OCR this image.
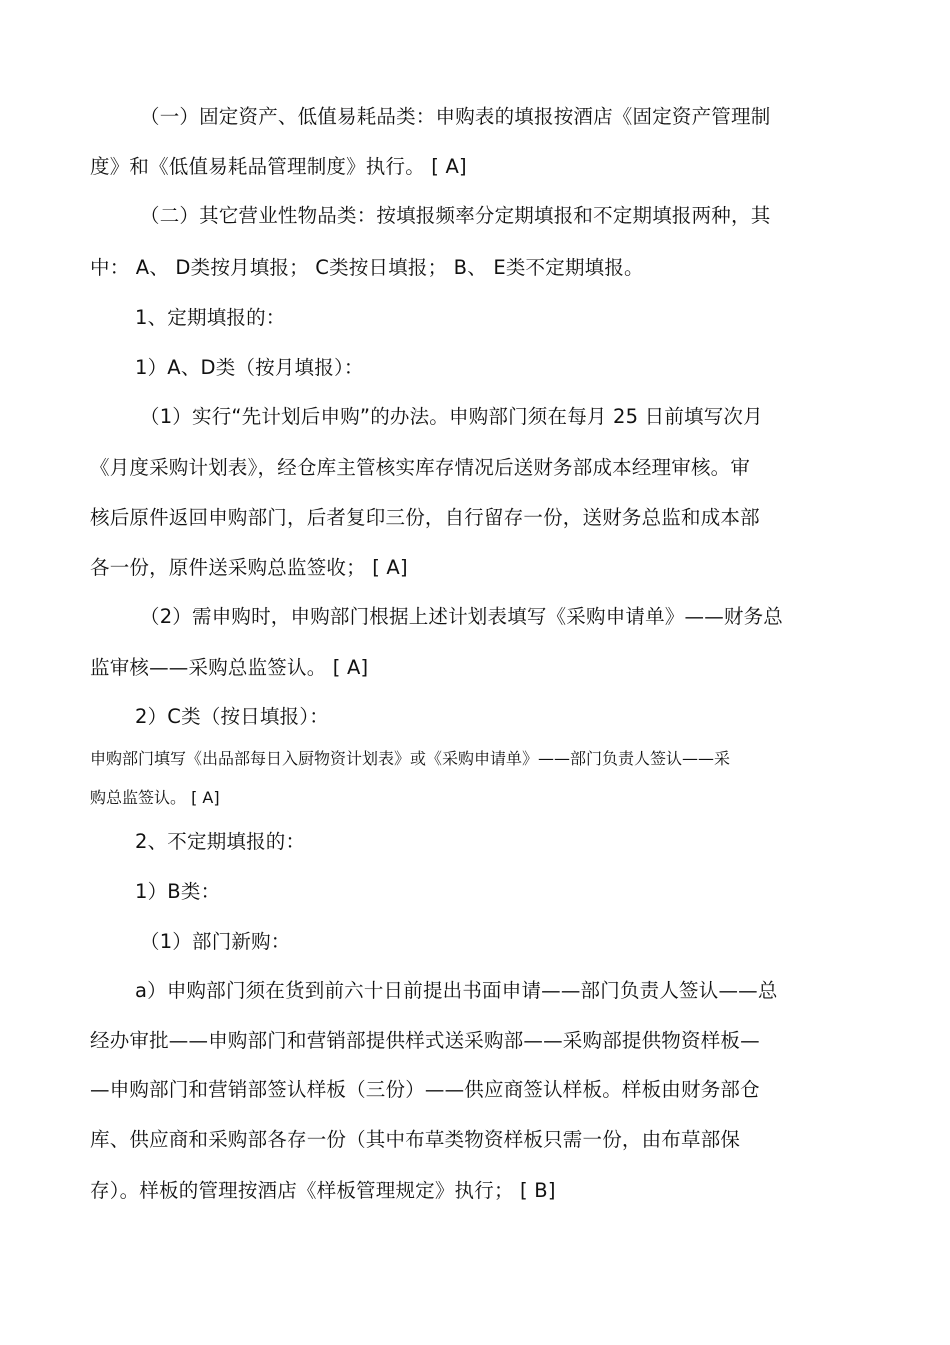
（一）固定资产、低值易耗品类：申购表的填报按酒店《固定资产管理制
度》和《低值易耗品管理制度》执行。 [ A]
（二）其它营业性物品类：按填报频率分定期填报和不定期填报两种，其
中： A、 D类按月填报； C类按日填报； B、 E类不定期填报。
1、定期填报的：
1）A、D类（按月填报）：
（1）实行“先计划后申购”的办法。申购部门须在每月 25 日前填写次月
《月度采购计划表》，经仓库主管核实库存情况后送财务部成本经理审核。审
核后原件返回申购部门，后者复印三份，自行留存一份，送财务总监和成本部
各一份，原件送采购总监签收； [ A]
（2）需申购时，申购部门根据上述计划表填写《采购申请单》——财务总
监审核——采购总监签认。 [ A]
2）C类（按日填报）：
申购部门填写《出品部每日入厨物资计划表》或《采购申请单》——部门负责人签认——采
购总监签认。 [ A]
2、不定期填报的：
1）B类：
（1）部门新购：
a）申购部门须在货到前六十日前提出书面申请——部门负责人签认——总
经办审批——申购部门和营销部提供样式送采购部——采购部提供物资样板—
—申购部门和营销部签认样板（三份）——供应商签认样板。样板由财务部仓
库、供应商和采购部各存一份（其中布草类物资样板只需一份，由布草部保
存）。样板的管理按酒店《样板管理规定》执行； [ B]
